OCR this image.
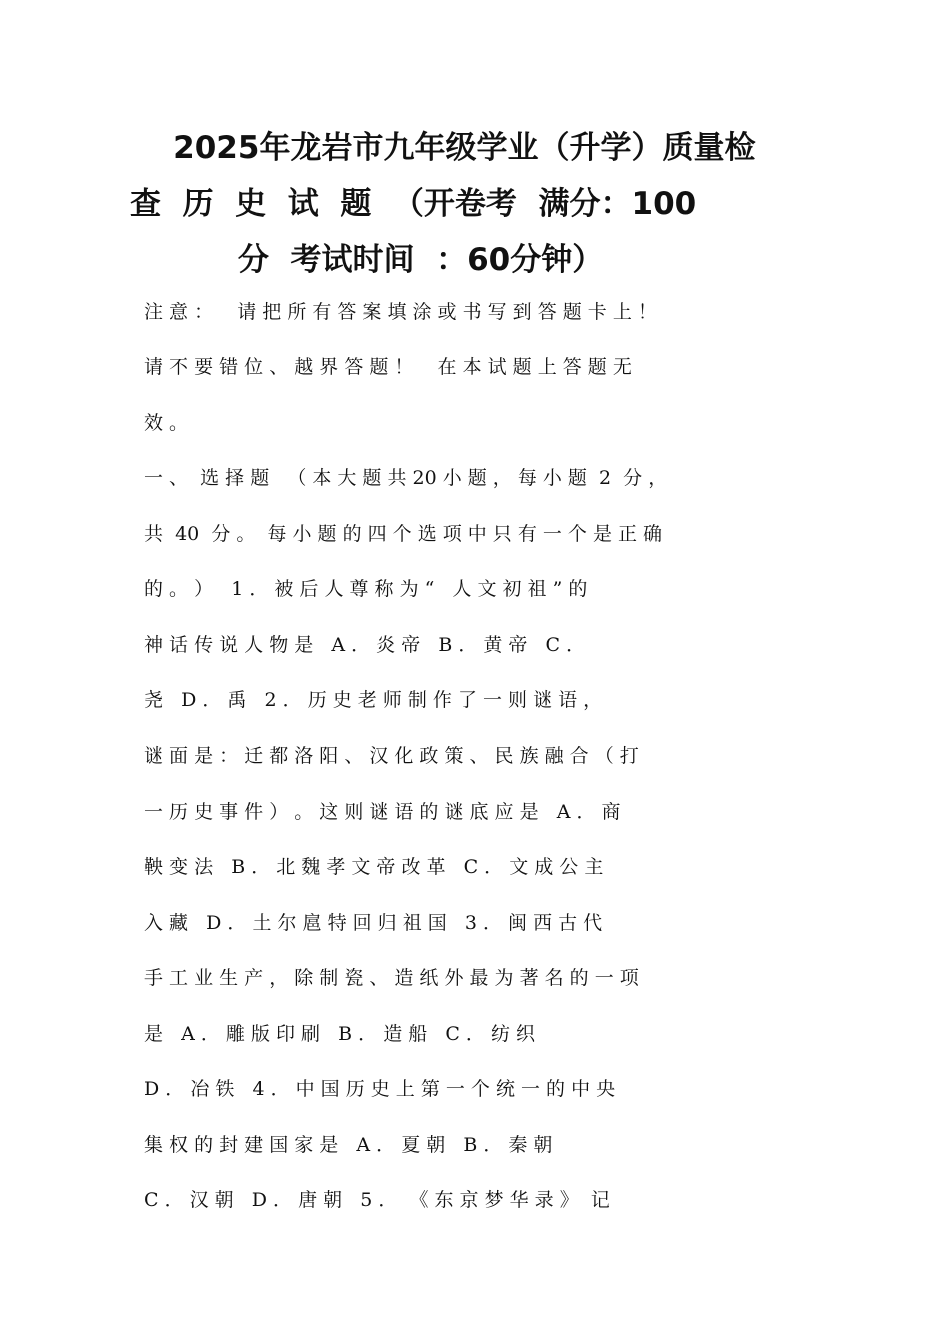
2025年龙岩市九年级学业（升学）质量检
查  历  史  试  题  （开卷考  满分：100
分  考试时间  ：60分钟）
注 意 ：    请 把 所 有 答 案 填 涂 或 书 写 到 答 题 卡 上 ！
请 不 要 错 位 、 越 界 答 题 ！    在 本 试 题 上 答 题 无
效 。
一 、  选 择 题   （ 本 大 题 共 20 小 题 ， 每 小 题  2  分 ，
共  40  分 。  每 小 题 的 四 个 选 项 中 只 有 一 个 是 正 确
的 。 ）   1 ． 被 后 人 尊 称 为 “   人 文 初 祖 ” 的
神 话 传 说 人 物 是   A ． 炎 帝   B ． 黄 帝   C ．
尧   D ． 禹   2 ． 历 史 老 师 制 作 了 一 则 谜 语 ，
谜 面 是 ： 迁 都 洛 阳 、 汉 化 政 策 、 民 族 融 合 （ 打
一 历 史 事 件 ） 。 这 则 谜 语 的 谜 底 应 是   A ． 商
鞅 变 法   B ． 北 魏 孝 文 帝 改 革   C ． 文 成 公 主
入 藏   D ． 土 尔 扈 特 回 归 祖 国   3 ． 闽 西 古 代
手 工 业 生 产 ， 除 制 瓷 、 造 纸 外 最 为 著 名 的 一 项
是   A ． 雕 版 印 刷   B ． 造 船   C ． 纺 织
D ． 冶 铁   4 ． 中 国 历 史 上 第 一 个 统 一 的 中 央
集 权 的 封 建 国 家 是   A ． 夏 朝   B ． 秦 朝
C ． 汉 朝   D ． 唐 朝   5 ．  《 东 京 梦 华 录 》  记
